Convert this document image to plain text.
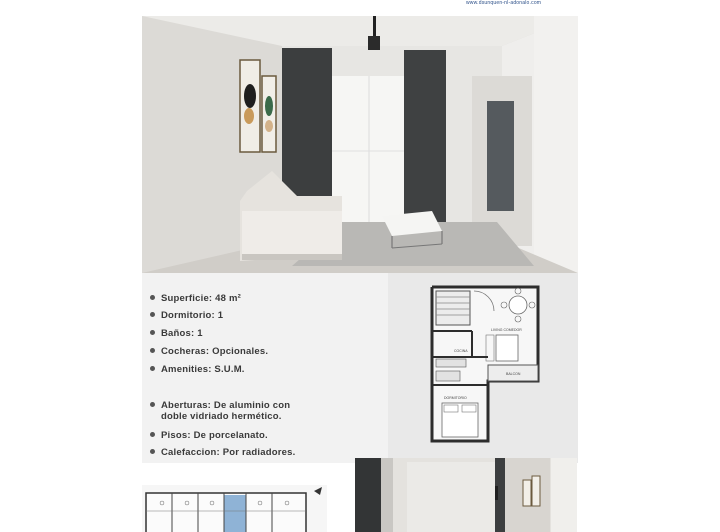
www.dsunquen-nl-adonalo.com
Superficie: 48 m²
Dormitorio: 1
Baños: 1
Cocheras: Opcionales.
Amenities: S.U.M.
Aberturas: De aluminio con
doble vidriado hermético.
Pisos: De porcelanato.
Calefaccion: Por radiadores.
LIVING COMEDOR
COCINA
BALCON
DORMITORIO
